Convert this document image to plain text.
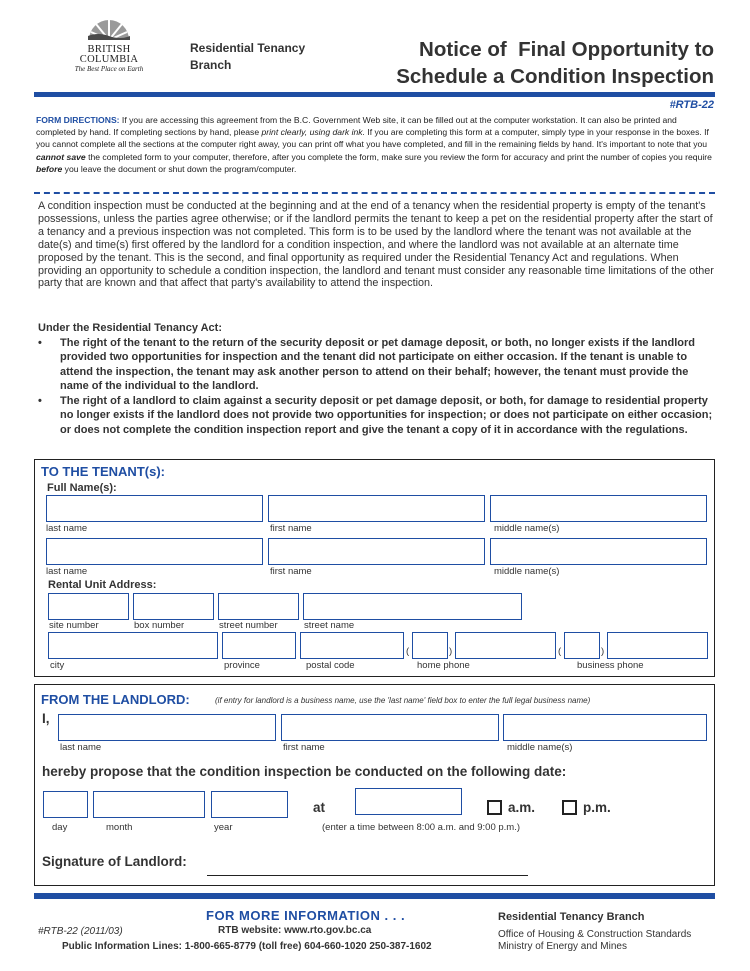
BRITISH
COLUMBIA
The Best Place on Earth
Residential Tenancy
Branch
Notice of  Final Opportunity to
Schedule a Condition Inspection
#RTB-22
FORM DIRECTIONS: If you are accessing this agreement from the B.C. Government Web site, it can be filled out at the computer workstation. It can also be printed and completed by hand. If completing sections by hand, please print clearly, using dark ink. If you are completing this form at a computer, simply type in your response in the boxes. If you cannot complete all the sections at the computer right away, you can print off what you have completed, and fill in the remaining fields by hand. It's important to note that you cannot save the completed form to your computer, therefore, after you complete the form, make sure you review the form for accuracy and print the number of copies you require before you leave the document or shut down the program/computer.
A condition inspection must be conducted at the beginning and at the end of a tenancy when the residential property is empty of the tenant's possessions, unless the parties agree otherwise; or if the landlord permits the tenant to keep a pet on the residential property after the start of a tenancy and a previous inspection was not completed. This form is to be used by the landlord where the tenant was not available at the date(s) and time(s) first offered by the landlord for a condition inspection, and where the landlord was not available at an alternate time proposed by the tenant. This is the second, and final opportunity as required under the Residential Tenancy Act and regulations. When providing an opportunity to schedule a condition inspection, the landlord and tenant must consider any reasonable time limitations of the other party that are known and that affect that party's availability to attend the inspection.
Under the Residential Tenancy Act:
• The right of the tenant to the return of the security deposit or pet damage deposit, or both, no longer exists if the landlord provided two opportunities for inspection and the tenant did not participate on either occasion. If the tenant is unable to attend the inspection, the tenant may ask another person to attend on their behalf; however, the tenant must provide the name of the individual to the landlord.
• The right of a landlord to claim against a security deposit or pet damage deposit, or both, for damage to residential property no longer exists if the landlord does not provide two opportunities for inspection; or does not participate on either occasion; or does not complete the condition inspection report and give the tenant a copy of it in accordance with the regulations.
TO THE TENANT(s):
Full Name(s):
last name	first name	middle name(s)
last name	first name	middle name(s)
Rental Unit Address:
site number	box number	street number	street name
(	)	(	)
city	province	postal code	home phone	business phone
FROM THE LANDLORD:	(if entry for landlord is a business name, use the 'last name' field box to enter the full legal business name)
I,
last name	first name	middle name(s)
hereby propose that the condition inspection be conducted on the following date:
at	a.m.	p.m.
day	month	year	(enter a time between 8:00 a.m. and 9:00 p.m.)
Signature of Landlord:
FOR MORE INFORMATION . . .
#RTB-22 (2011/03)	RTB website: www.rto.gov.bc.ca
Public Information Lines: 1-800-665-8779 (toll free) 604-660-1020 250-387-1602
Residential Tenancy Branch
Office of Housing & Construction Standards
Ministry of Energy and Mines
